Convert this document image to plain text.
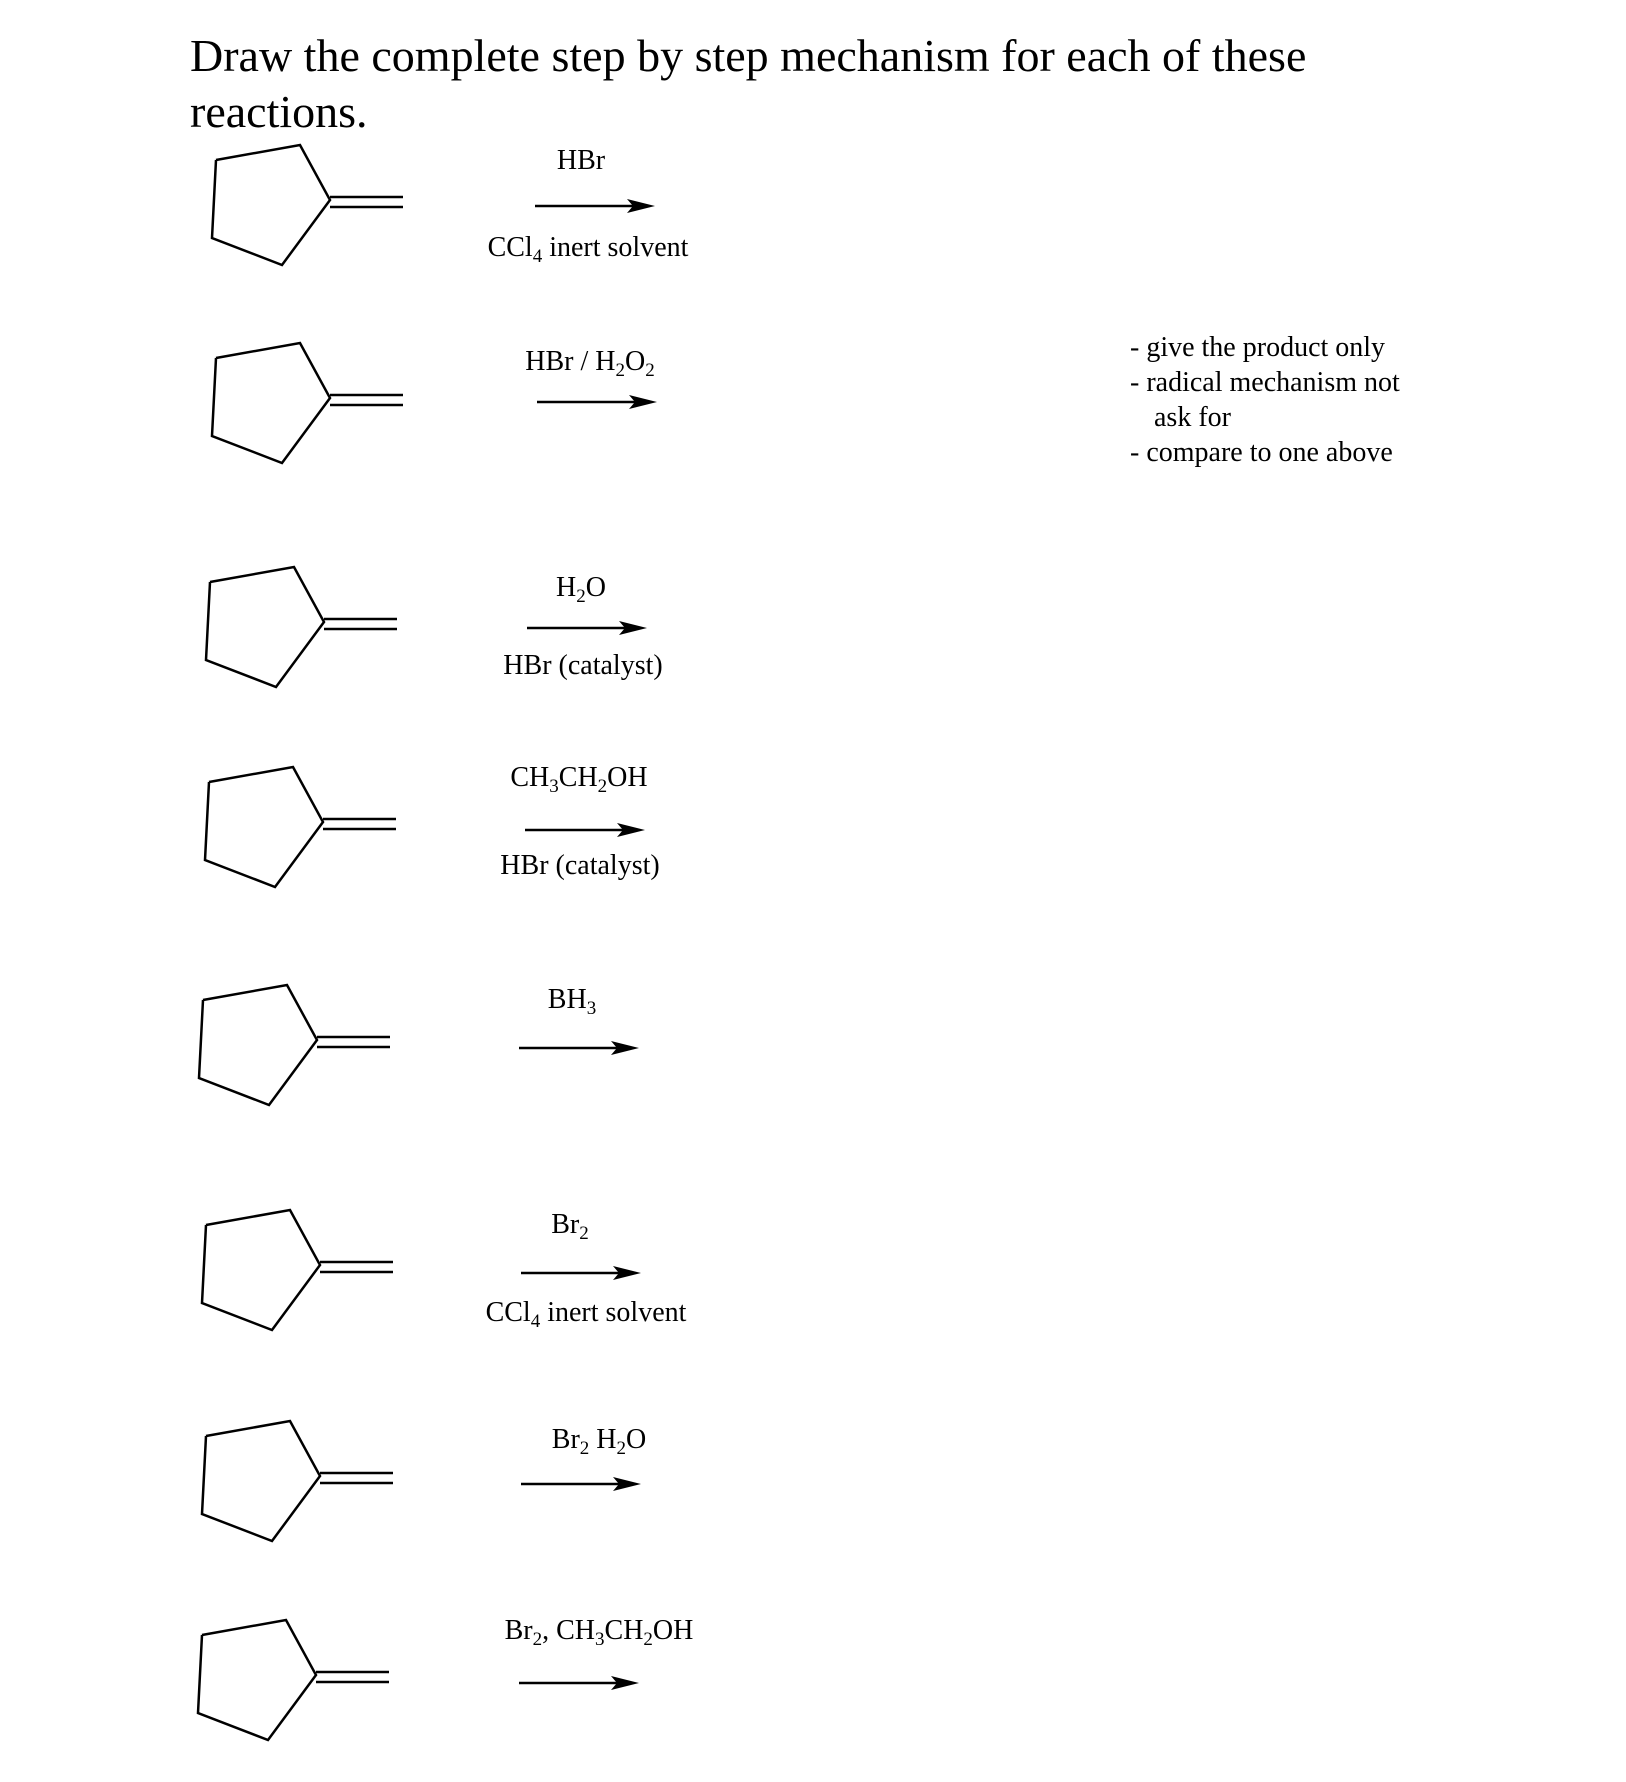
Draw the complete step by step mechanism for each of these
reactions.
HBr
CCl$_4$ inert solvent
HBr / $H_2O_2$
$H_2O$
HBr (catalyst)
$CH_3CH_2OH$
HBr (catalyst)
$BH_3$
$Br_2$
CCl$_4$ inert solvent
$Br_2$ $H_2O$
$Br_2$, $CH_3CH_2OH$
- give the product only
- radical mechanism not
ask for
- compare to one above
